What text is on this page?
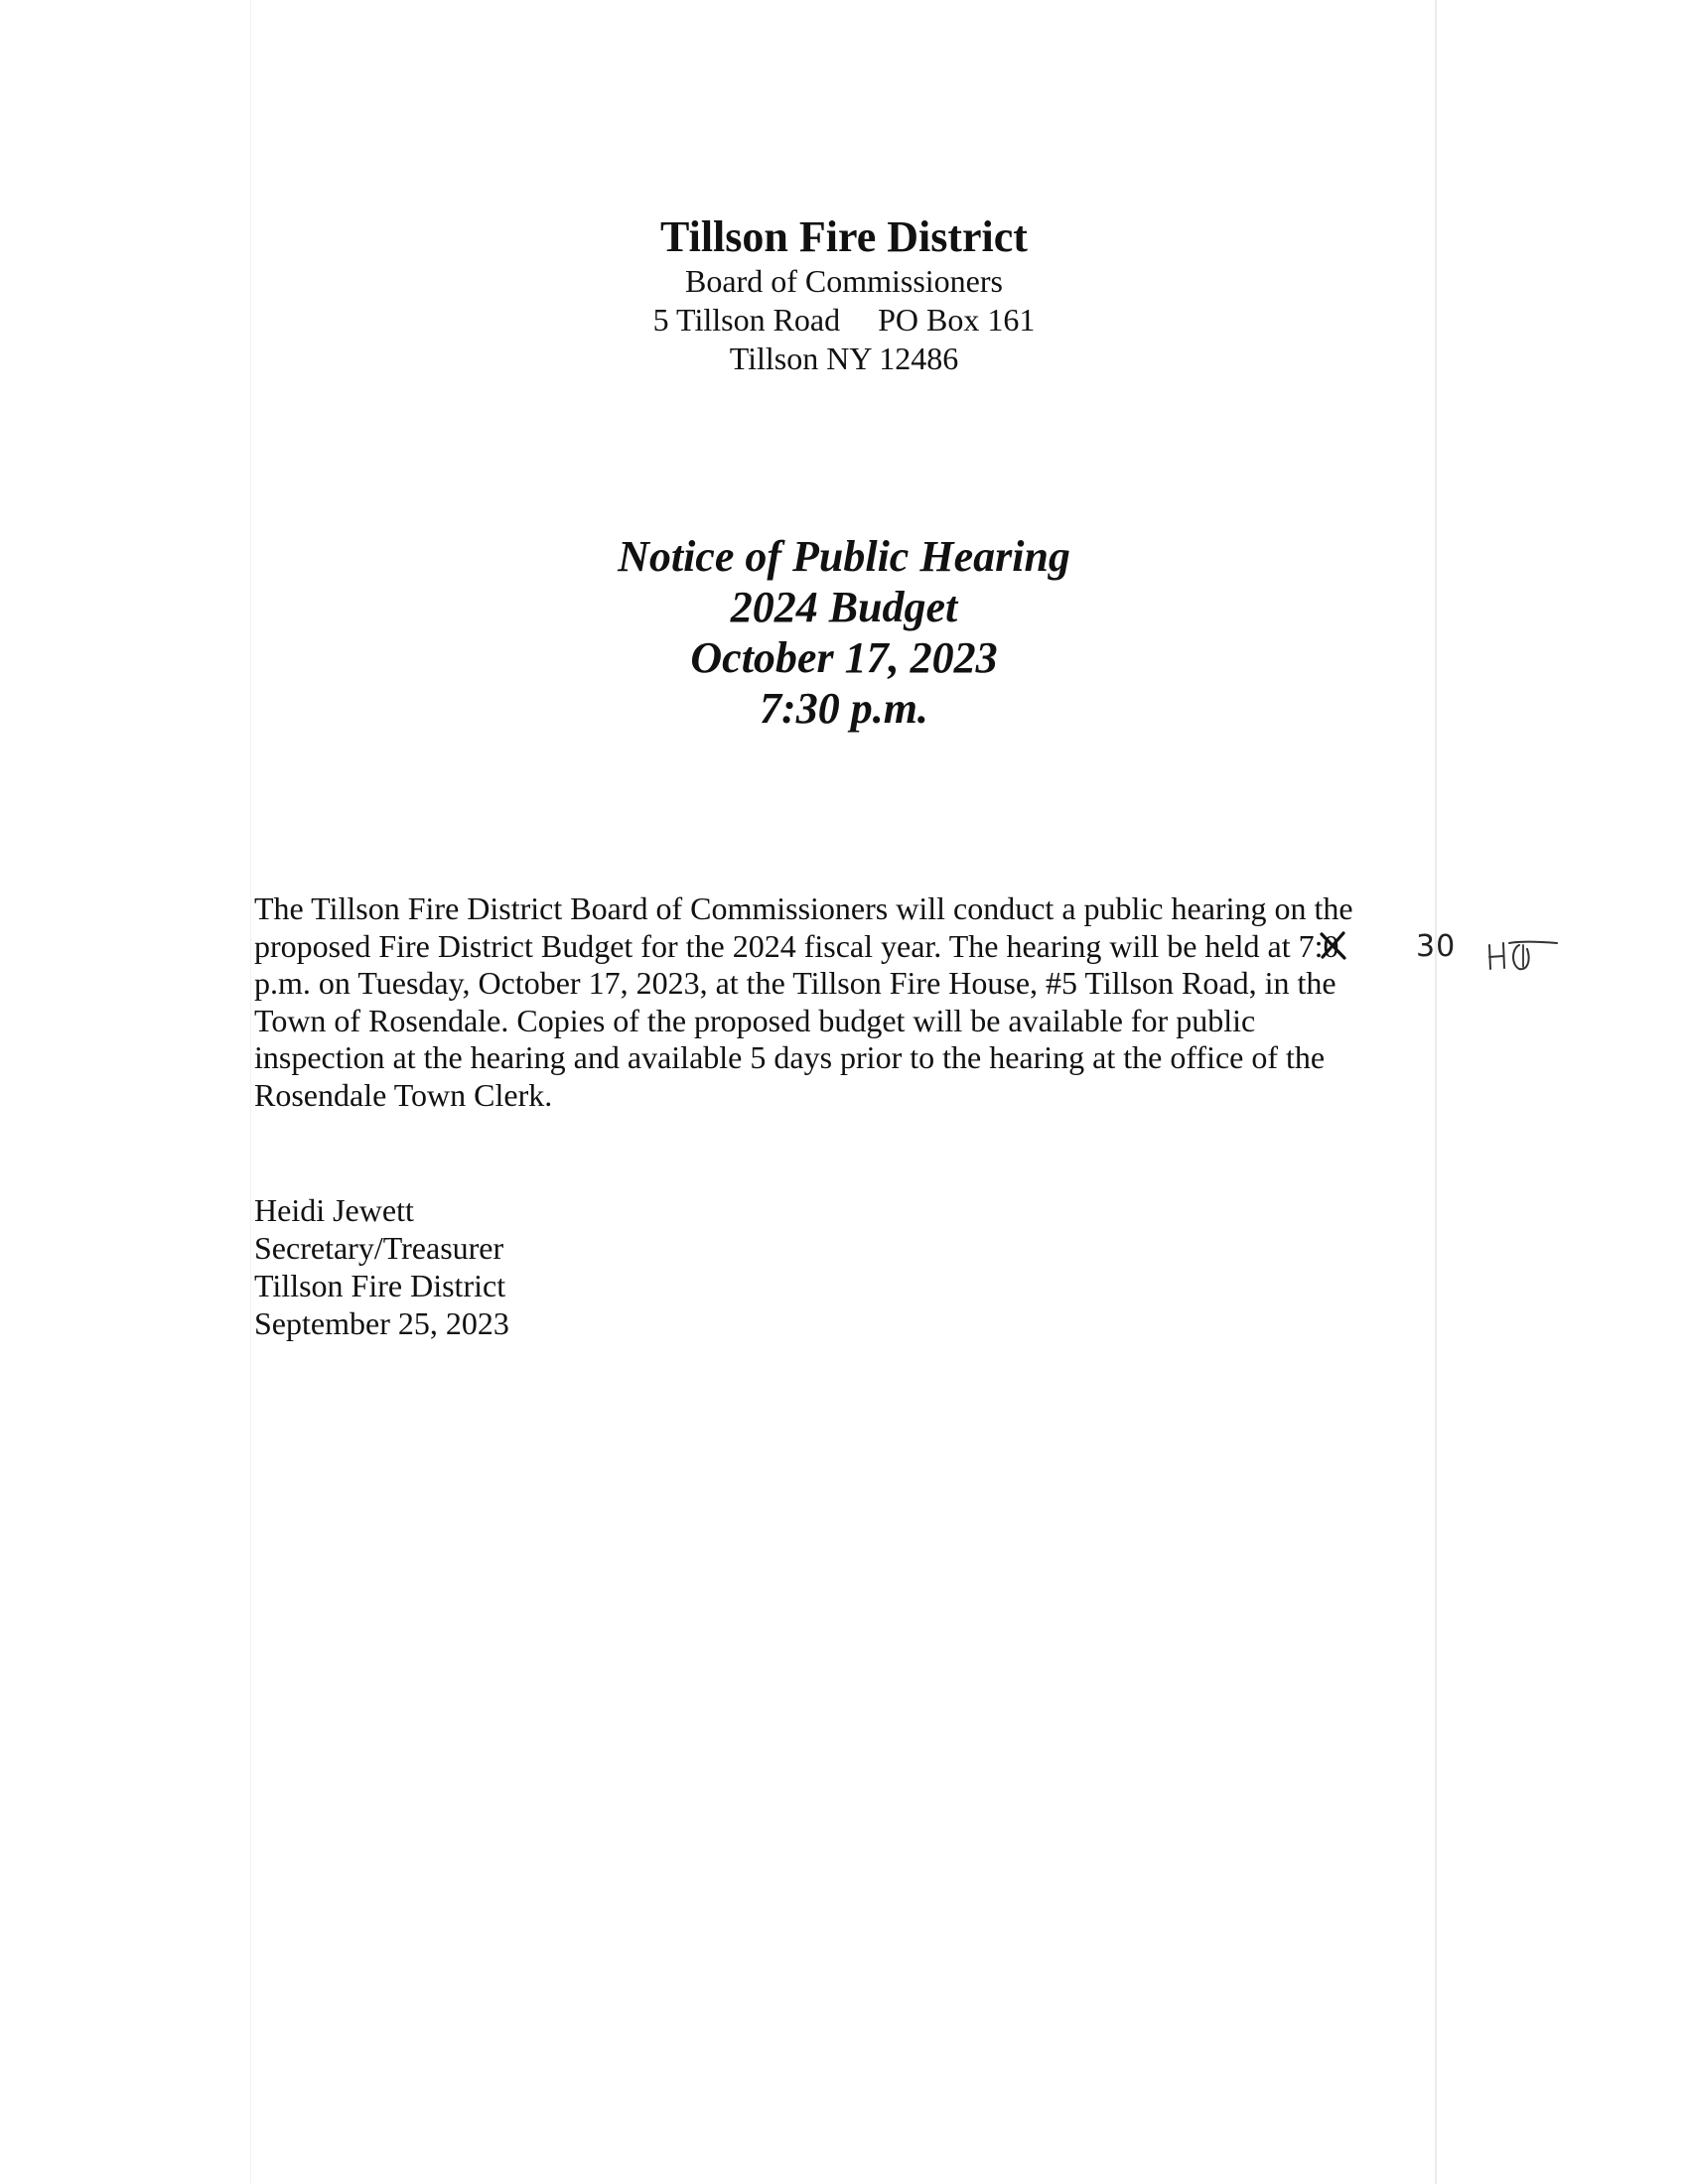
Tillson Fire District
Board of Commissioners
5 Tillson Road PO Box 161
Tillson NY 12486
Notice of Public Hearing
2024 Budget
October 17, 2023
7:30 p.m.
The Tillson Fire District Board of Commissioners will conduct a public hearing on the
proposed Fire District Budget for the 2024 fiscal year. The hearing will be held at 7:0
p.m. on Tuesday, October 17, 2023, at the Tillson Fire House, #5 Tillson Road, in the
Town of Rosendale. Copies of the proposed budget will be available for public
inspection at the hearing and available 5 days prior to the hearing at the office of the
Rosendale Town Clerk.
30
Heidi Jewett
Secretary/Treasurer
Tillson Fire District
September 25, 2023
